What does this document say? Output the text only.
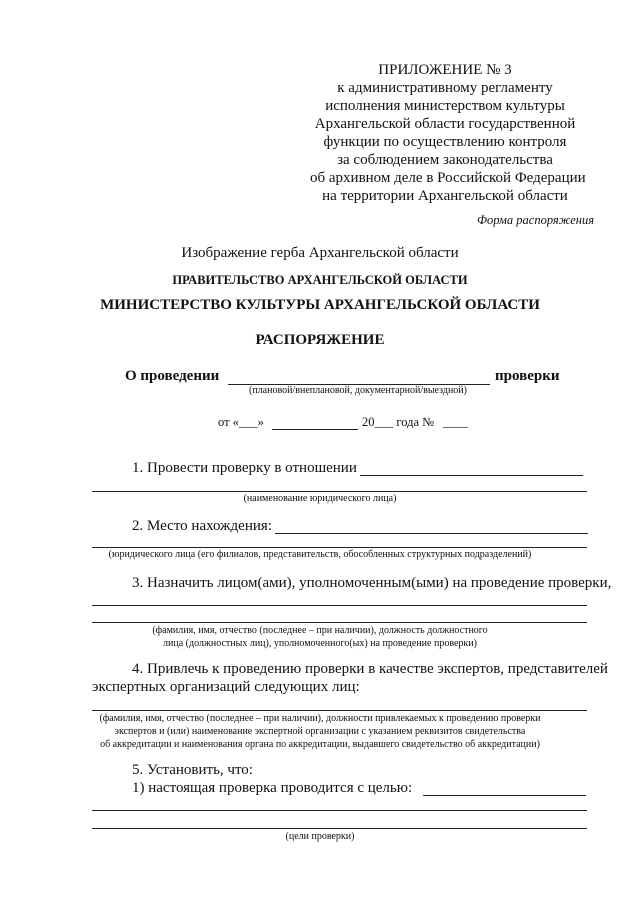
ПРИЛОЖЕНИЕ № 3
к административному регламенту
исполнения министерством культуры
Архангельской области государственной
функции по осуществлению контроля
за соблюдением законодательства
об архивном деле в Российской Федерации
на территории Архангельской области
Форма распоряжения
Изображение герба Архангельской области
ПРАВИТЕЛЬСТВО АРХАНГЕЛЬСКОЙ ОБЛАСТИ
МИНИСТЕРСТВО КУЛЬТУРЫ АРХАНГЕЛЬСКОЙ ОБЛАСТИ
РАСПОРЯЖЕНИЕ
О проведении	проверки
(плановой/внеплановой, документарной/выездной)
от «___»	20___ года № ____
1. Провести проверку в отношении
(наименование юридического лица)
2. Место нахождения:
(юридического лица (его филиалов, представительств, обособленных структурных подразделений)
3. Назначить лицом(ами), уполномоченным(ыми) на проведение проверки,
(фамилия, имя, отчество (последнее – при наличии), должность должностного
лица (должностных лиц), уполномоченного(ых) на проведение проверки)
4. Привлечь к проведению проверки в качестве экспертов, представителей
экспертных организаций следующих лиц:
(фамилия, имя, отчество (последнее – при наличии), должности привлекаемых к проведению проверки
экспертов и (или) наименование экспертной организации с указанием реквизитов свидетельства
об аккредитации и наименования органа по аккредитации, выдавшего свидетельство об аккредитации)
5. Установить, что:
1) настоящая проверка проводится с целью:
(цели проверки)
